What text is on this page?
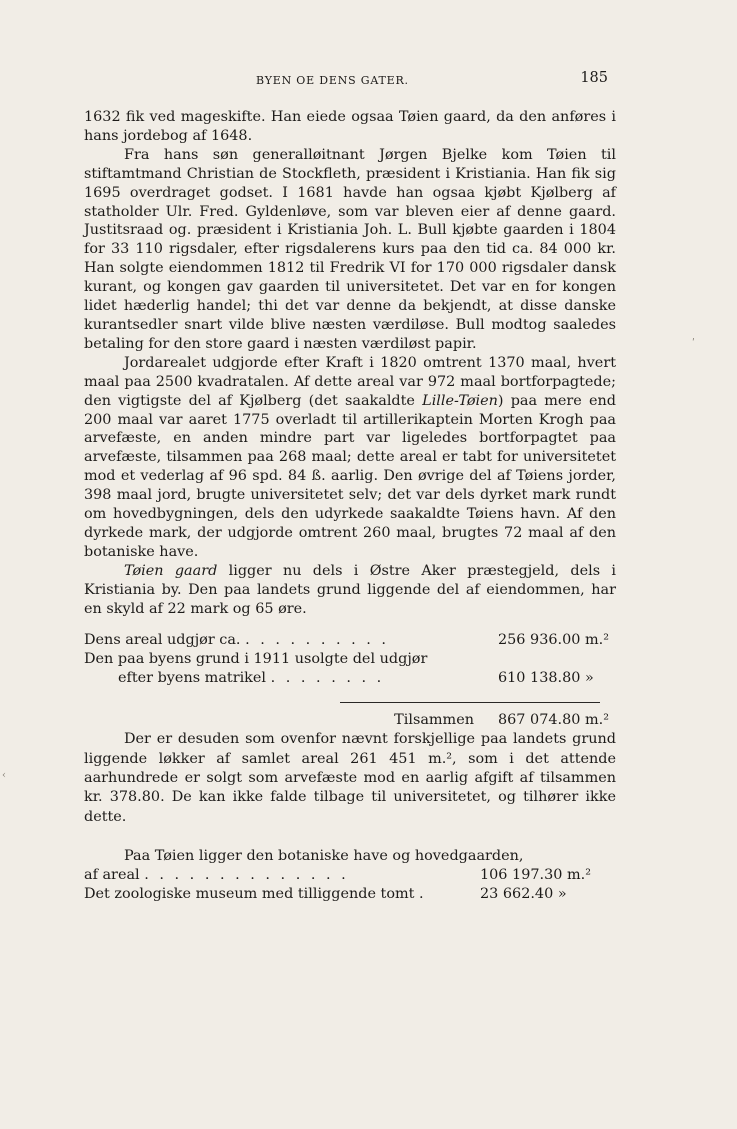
BYEN OE DENS GATER.	185
‹
ʹ

1632 fik ved mageskifte. Han eiede ogsaa Tøien gaard, da den anføres i hans jordebog af 1648.

Fra hans søn generalløitnant Jørgen Bjelke kom Tøien til stiftamtmand Christian de Stockfleth, præsident i Kristiania. Han fik sig 1695 overdraget godset. I 1681 havde han ogsaa kjøbt Kjølberg af statholder Ulr. Fred. Gyldenløve, som var bleven eier af denne gaard. Justitsraad og. præsident i Kristiania Joh. L. Bull kjøbte gaarden i 1804 for 33 110 rigsdaler, efter rigsdalerens kurs paa den tid ca. 84 000 kr. Han solgte eiendommen 1812 til Fredrik VI for 170 000 rigsdaler dansk kurant, og kongen gav gaarden til universitetet. Det var en for kongen lidet hæderlig handel; thi det var denne da bekjendt, at disse danske kurantsedler snart vilde blive næsten værdiløse. Bull modtog saaledes betaling for den store gaard i næsten værdiløst papir.

Jordarealet udgjorde efter Kraft i 1820 omtrent 1370 maal, hvert maal paa 2500 kvadratalen. Af dette areal var 972 maal bortforpagtede; den vigtigste del af Kjølberg (det saakaldte Lille-Tøien) paa mere end 200 maal var aaret 1775 overladt til artillerikaptein Morten Krogh paa arvefæste, en anden mindre part var ligeledes bortforpagtet paa arvefæste, tilsammen paa 268 maal; dette areal er tabt for universitetet mod et vederlag af 96 spd. 84 ß. aarlig. Den øvrige del af Tøiens jorder, 398 maal jord, brugte universitetet selv; det var dels dyrket mark rundt om hovedbygningen, dels den udyrkede saakaldte Tøiens havn. Af den dyrkede mark, der udgjorde omtrent 260 maal, brugtes 72 maal af den botaniske have.

Tøien gaard ligger nu dels i Østre Aker præstegjeld, dels i Kristiania by. Den paa landets grund liggende del af eiendommen, har en skyld af 22 mark og 65 øre.

Dens areal udgjør ca. . . . . . . . . . .	256 936.00 m.²
Den paa byens grund i 1911 usolgte del udgjør
efter byens matrikel . . . . . . . .	610 138.80 »
Tilsammen	867 074.80 m.²

Der er desuden som ovenfor nævnt forskjellige paa landets grund liggende løkker af samlet areal 261 451 m.², som i det attende aarhundrede er solgt som arvefæste mod en aarlig afgift af tilsammen kr. 378.80. De kan ikke falde tilbage til universitetet, og tilhører ikke dette.

Paa Tøien ligger den botaniske have og hovedgaarden,

af areal . . . . . . . . . . . . . .	106 197.30 m.²
Det zoologiske museum med tilliggende tomt .	23 662.40 »
